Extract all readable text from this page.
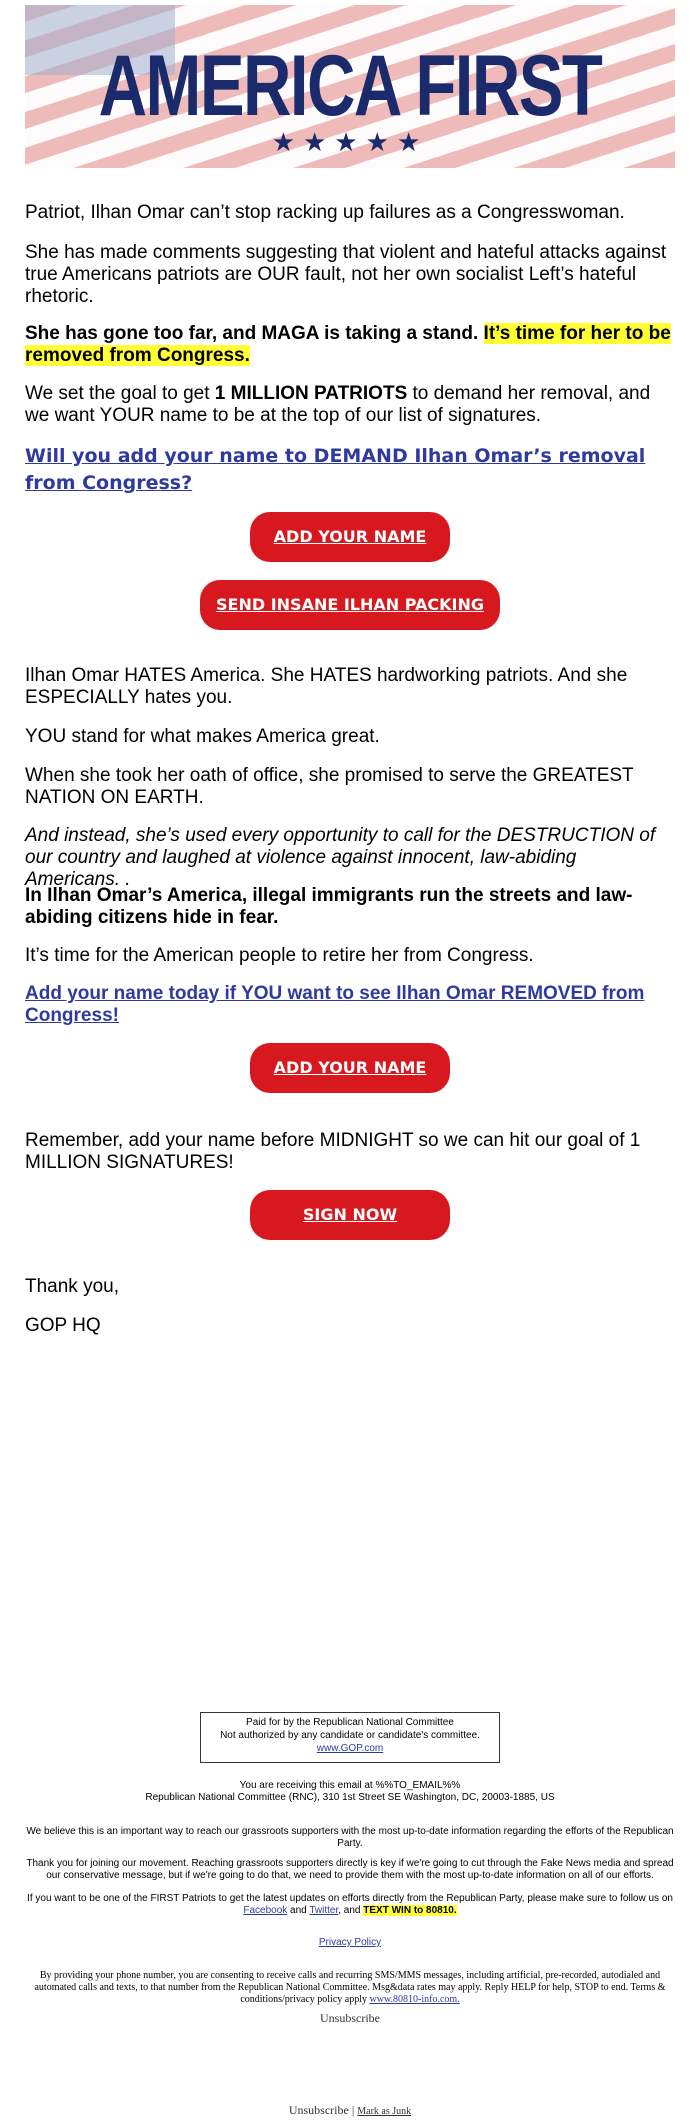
AMERICA FIRST
★★★★★

Patriot, Ilhan Omar can’t stop racking up failures as a Congresswoman.

She has made comments suggesting that violent and hateful attacks against true Americans patriots are OUR fault, not her own socialist Left’s hateful rhetoric.

She has gone too far, and MAGA is taking a stand. It’s time for her to be removed from Congress.

We set the goal to get 1 MILLION PATRIOTS to demand her removal, and we want YOUR name to be at the top of our list of signatures.

Will you add your name to DEMAND Ilhan Omar’s removal from Congress?

ADD YOUR NAME
SEND INSANE ILHAN PACKING

Ilhan Omar HATES America. She HATES hardworking patriots. And she ESPECIALLY hates you.

YOU stand for what makes America great.

When she took her oath of office, she promised to serve the GREATEST NATION ON EARTH.

And instead, she’s used every opportunity to call for the DESTRUCTION of our country and laughed at violence against innocent, law-abiding Americans. .

In Ilhan Omar’s America, illegal immigrants run the streets and law-abiding citizens hide in fear.

It’s time for the American people to retire her from Congress.

Add your name today if YOU want to see Ilhan Omar REMOVED from Congress!

ADD YOUR NAME

Remember, add your name before MIDNIGHT so we can hit our goal of 1 MILLION SIGNATURES!

SIGN NOW

Thank you,

GOP HQ

Paid for by the Republican National Committee
Not authorized by any candidate or candidate's committee.
www.GOP.com
You are receiving this email at %%TO_EMAIL%%
Republican National Committee (RNC), 310 1st Street SE Washington, DC, 20003-1885, US
We believe this is an important way to reach our grassroots supporters with the most up-to-date information regarding the efforts of the Republican Party.
Thank you for joining our movement. Reaching grassroots supporters directly is key if we're going to cut through the Fake News media and spread our conservative message, but if we're going to do that, we need to provide them with the most up-to-date information on all of our efforts.
If you want to be one of the FIRST Patriots to get the latest updates on efforts directly from the Republican Party, please make sure to follow us on Facebook and Twitter, and TEXT WIN to 80810.
Privacy Policy
By providing your phone number, you are consenting to receive calls and recurring SMS/MMS messages, including artificial, pre-recorded, autodialed and automated calls and texts, to that number from the Republican National Committee. Msg&data rates may apply. Reply HELP for help, STOP to end. Terms & conditions/privacy policy apply www.80810-info.com.
Unsubscribe
Unsubscribe | Mark as Junk
